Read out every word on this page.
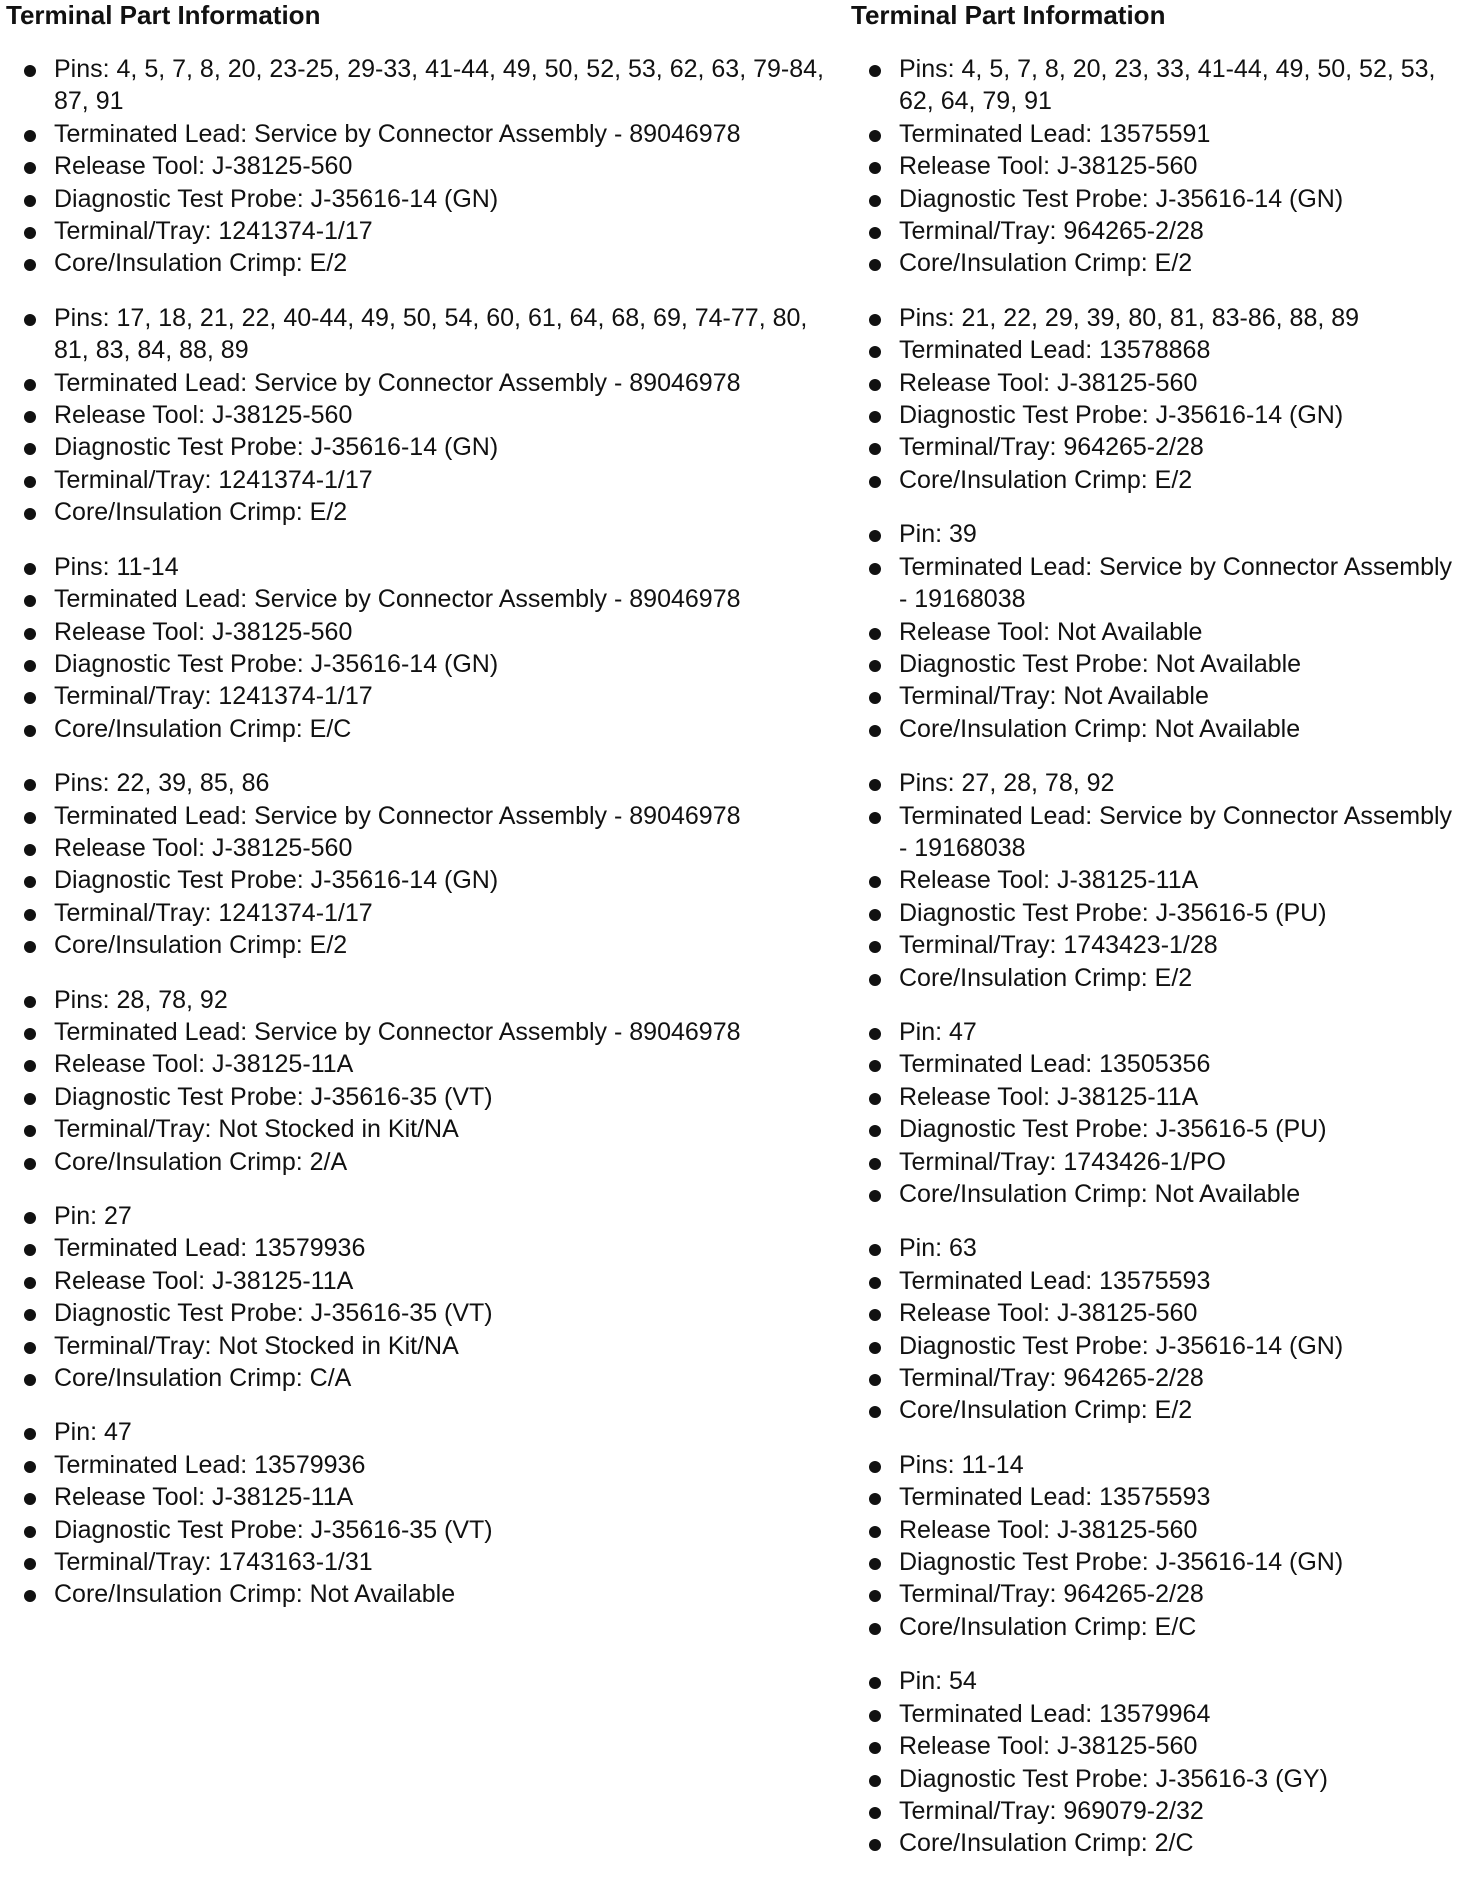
Terminal Part Information
Pins: 4, 5, 7, 8, 20, 23-25, 29-33, 41-44, 49, 50, 52, 53, 62, 63, 79-84, 87, 91
Terminated Lead: Service by Connector Assembly - 89046978
Release Tool: J-38125-560
Diagnostic Test Probe: J-35616-14 (GN)
Terminal/Tray: 1241374-1/17
Core/Insulation Crimp: E/2
Pins: 17, 18, 21, 22, 40-44, 49, 50, 54, 60, 61, 64, 68, 69, 74-77, 80, 81, 83, 84, 88, 89
Terminated Lead: Service by Connector Assembly - 89046978
Release Tool: J-38125-560
Diagnostic Test Probe: J-35616-14 (GN)
Terminal/Tray: 1241374-1/17
Core/Insulation Crimp: E/2
Pins: 11-14
Terminated Lead: Service by Connector Assembly - 89046978
Release Tool: J-38125-560
Diagnostic Test Probe: J-35616-14 (GN)
Terminal/Tray: 1241374-1/17
Core/Insulation Crimp: E/C
Pins: 22, 39, 85, 86
Terminated Lead: Service by Connector Assembly - 89046978
Release Tool: J-38125-560
Diagnostic Test Probe: J-35616-14 (GN)
Terminal/Tray: 1241374-1/17
Core/Insulation Crimp: E/2
Pins: 28, 78, 92
Terminated Lead: Service by Connector Assembly - 89046978
Release Tool: J-38125-11A
Diagnostic Test Probe: J-35616-35 (VT)
Terminal/Tray: Not Stocked in Kit/NA
Core/Insulation Crimp: 2/A
Pin: 27
Terminated Lead: 13579936
Release Tool: J-38125-11A
Diagnostic Test Probe: J-35616-35 (VT)
Terminal/Tray: Not Stocked in Kit/NA
Core/Insulation Crimp: C/A
Pin: 47
Terminated Lead: 13579936
Release Tool: J-38125-11A
Diagnostic Test Probe: J-35616-35 (VT)
Terminal/Tray: 1743163-1/31
Core/Insulation Crimp: Not Available
Terminal Part Information
Pins: 4, 5, 7, 8, 20, 23, 33, 41-44, 49, 50, 52, 53, 62, 64, 79, 91
Terminated Lead: 13575591
Release Tool: J-38125-560
Diagnostic Test Probe: J-35616-14 (GN)
Terminal/Tray: 964265-2/28
Core/Insulation Crimp: E/2
Pins: 21, 22, 29, 39, 80, 81, 83-86, 88, 89
Terminated Lead: 13578868
Release Tool: J-38125-560
Diagnostic Test Probe: J-35616-14 (GN)
Terminal/Tray: 964265-2/28
Core/Insulation Crimp: E/2
Pin: 39
Terminated Lead: Service by Connector Assembly - 19168038
Release Tool: Not Available
Diagnostic Test Probe: Not Available
Terminal/Tray: Not Available
Core/Insulation Crimp: Not Available
Pins: 27, 28, 78, 92
Terminated Lead: Service by Connector Assembly - 19168038
Release Tool: J-38125-11A
Diagnostic Test Probe: J-35616-5 (PU)
Terminal/Tray: 1743423-1/28
Core/Insulation Crimp: E/2
Pin: 47
Terminated Lead: 13505356
Release Tool: J-38125-11A
Diagnostic Test Probe: J-35616-5 (PU)
Terminal/Tray: 1743426-1/PO
Core/Insulation Crimp: Not Available
Pin: 63
Terminated Lead: 13575593
Release Tool: J-38125-560
Diagnostic Test Probe: J-35616-14 (GN)
Terminal/Tray: 964265-2/28
Core/Insulation Crimp: E/2
Pins: 11-14
Terminated Lead: 13575593
Release Tool: J-38125-560
Diagnostic Test Probe: J-35616-14 (GN)
Terminal/Tray: 964265-2/28
Core/Insulation Crimp: E/C
Pin: 54
Terminated Lead: 13579964
Release Tool: J-38125-560
Diagnostic Test Probe: J-35616-3 (GY)
Terminal/Tray: 969079-2/32
Core/Insulation Crimp: 2/C
